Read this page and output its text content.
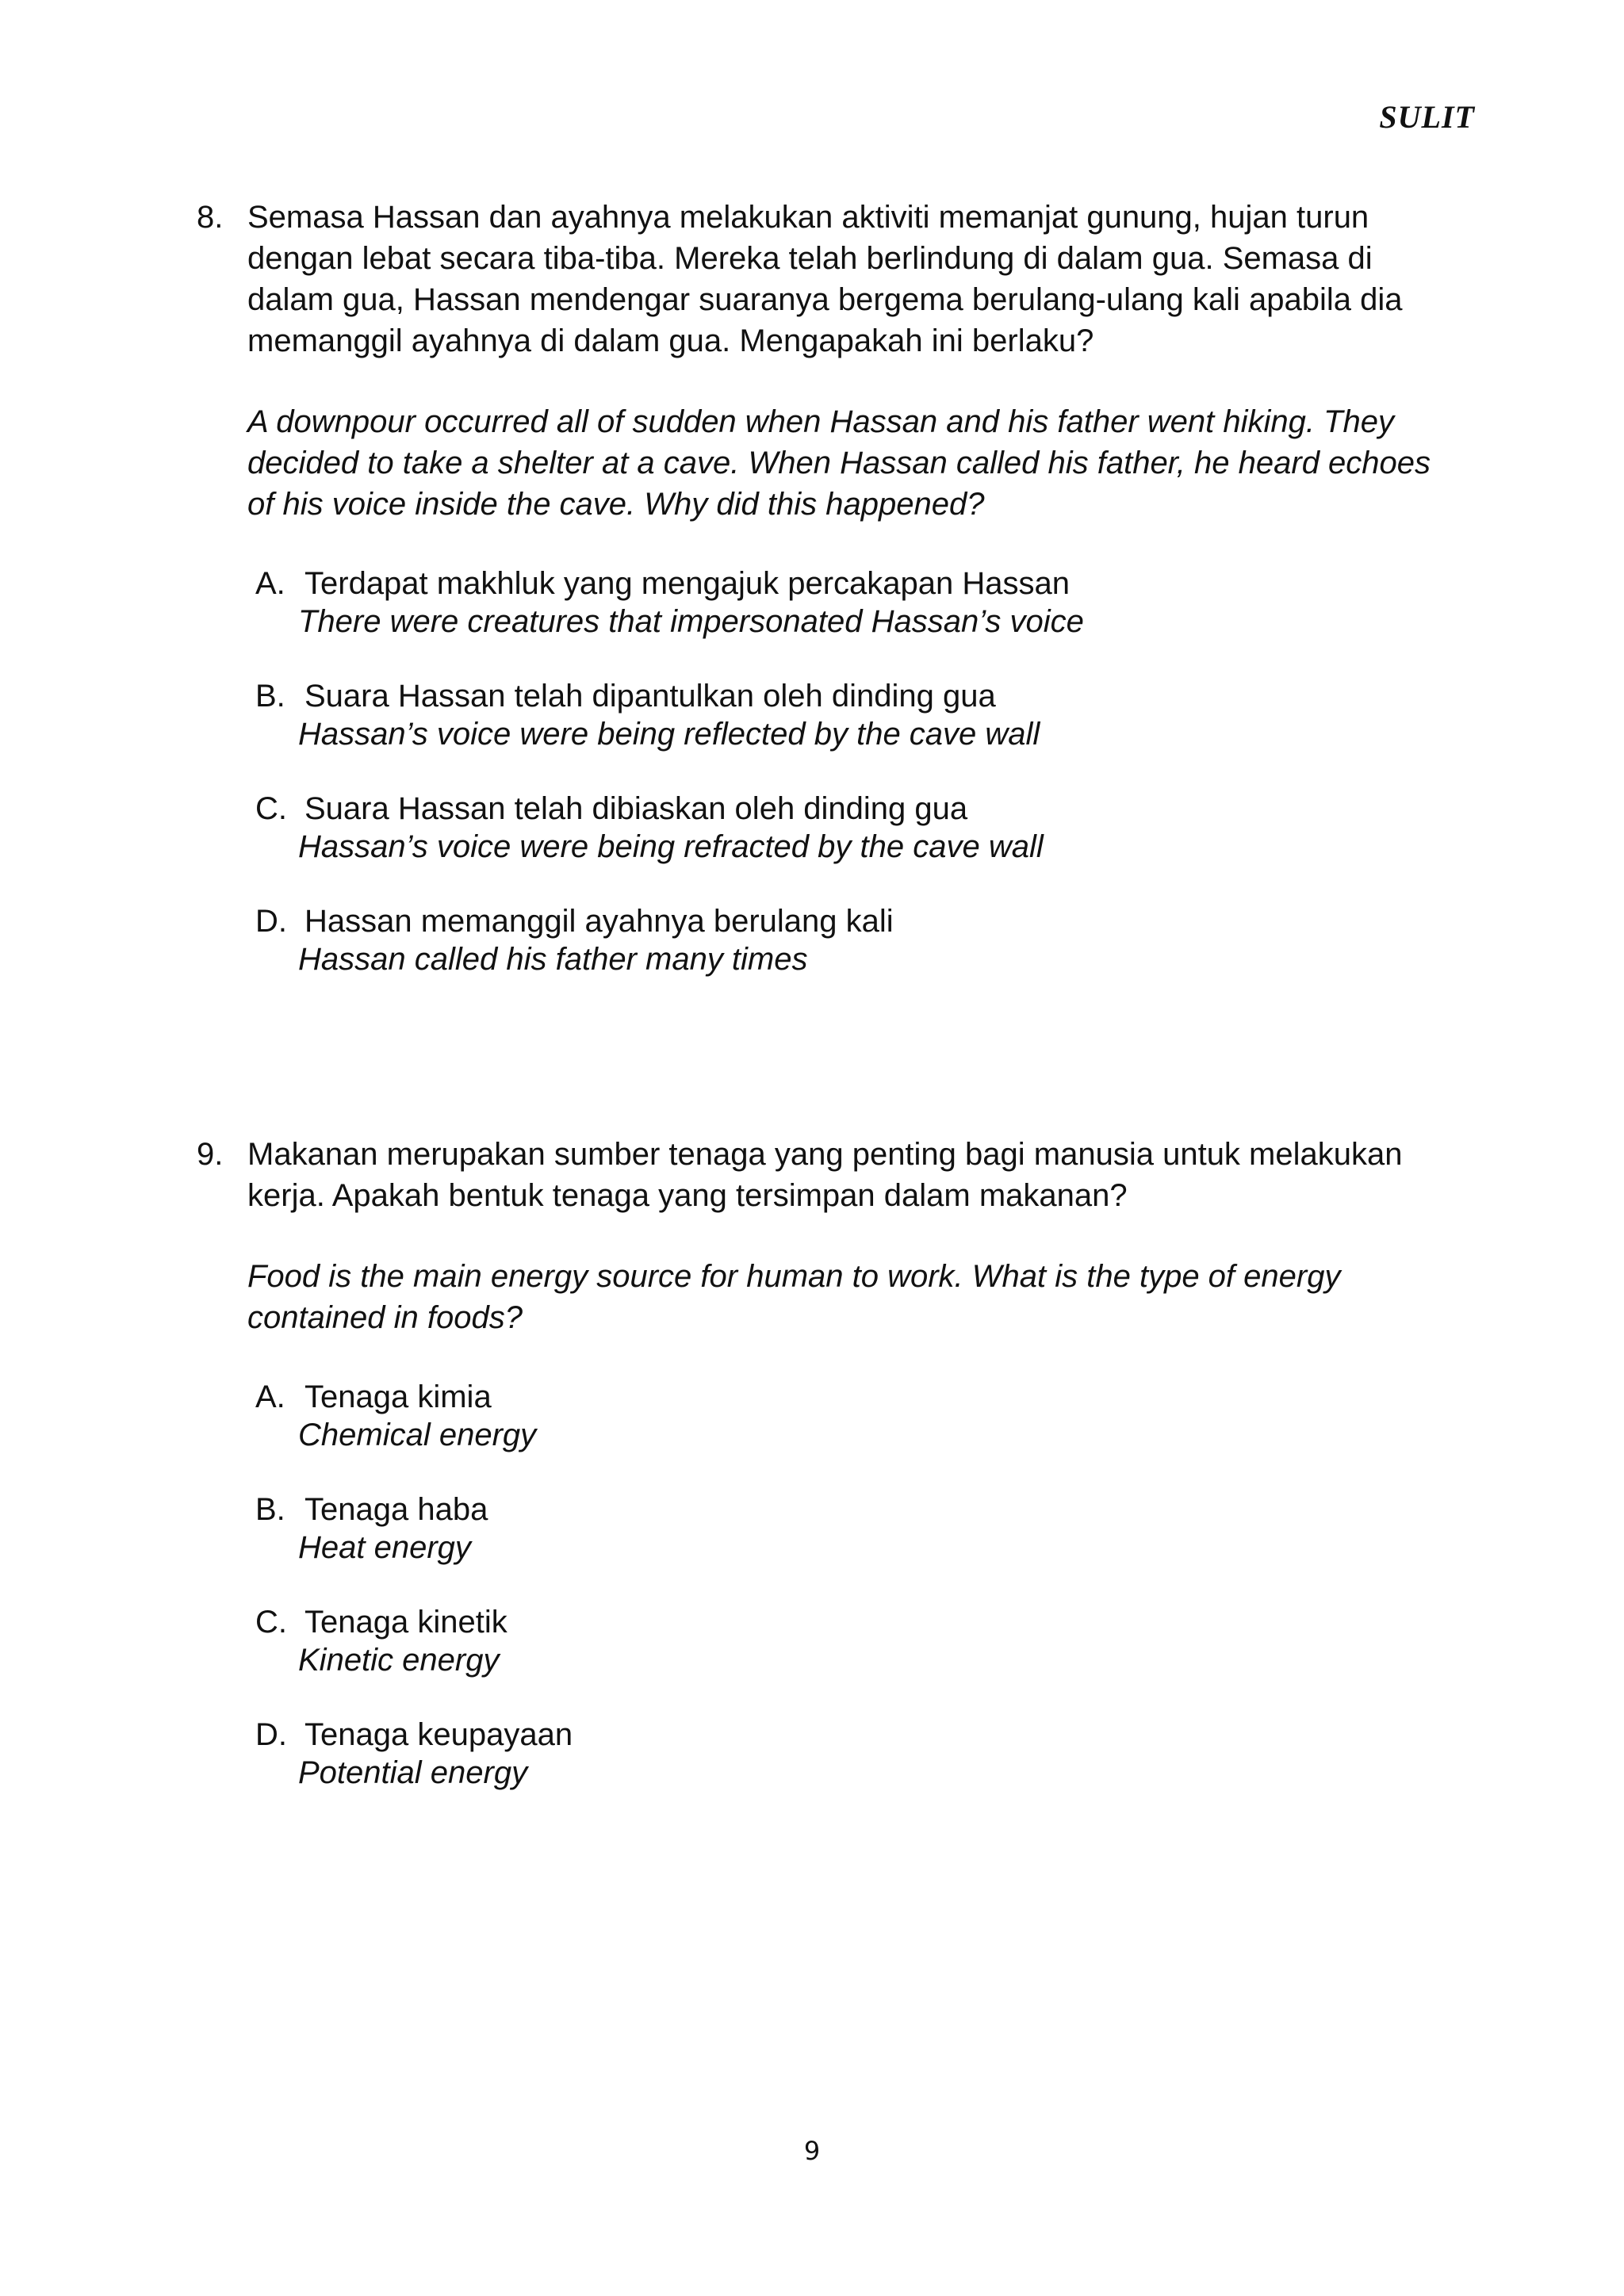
SULIT
8. Semasa Hassan dan ayahnya melakukan aktiviti memanjat gunung, hujan turun dengan lebat secara tiba-tiba. Mereka telah berlindung di dalam gua. Semasa di dalam gua, Hassan mendengar suaranya bergema berulang-ulang kali apabila dia memanggil ayahnya di dalam gua. Mengapakah ini berlaku?

A downpour occurred all of sudden when Hassan and his father went hiking. They decided to take a shelter at a cave. When Hassan called his father, he heard echoes of his voice inside the cave. Why did this happened?

A. Terdapat makhluk yang mengajuk percakapan Hassan
There were creatures that impersonated Hassan’s voice
B. Suara Hassan telah dipantulkan oleh dinding gua
Hassan’s voice were being reflected by the cave wall
C. Suara Hassan telah dibiaskan oleh dinding gua
Hassan’s voice were being refracted by the cave wall
D. Hassan memanggil ayahnya berulang kali
Hassan called his father many times
9. Makanan merupakan sumber tenaga yang penting bagi manusia untuk melakukan kerja. Apakah bentuk tenaga yang tersimpan dalam makanan?

Food is the main energy source for human to work. What is the type of energy contained in foods?

A. Tenaga kimia
Chemical energy
B. Tenaga haba
Heat energy
C. Tenaga kinetik
Kinetic energy
D. Tenaga keupayaan
Potential energy
9
